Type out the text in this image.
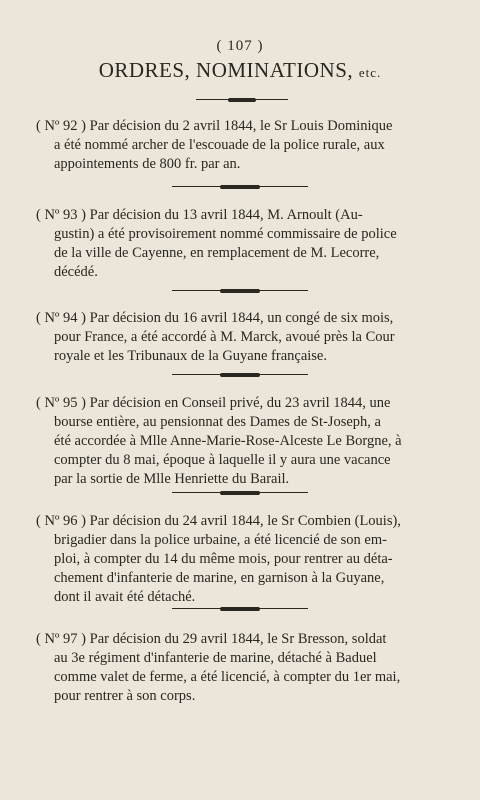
( 107 )
ORDRES, NOMINATIONS, etc.

( Nº 92 ) Par décision du 2 avril 1844, le Sr Louis Dominique

a été nommé archer de l'escouade de la police rurale, aux

appointements de 800 fr. par an.

( Nº 93 ) Par décision du 13 avril 1844, M. Arnoult (Au-

gustin) a été provisoirement nommé commissaire de police

de la ville de Cayenne, en remplacement de M. Lecorre,

décédé.

( Nº 94 ) Par décision du 16 avril 1844, un congé de six mois,

pour France, a été accordé à M. Marck, avoué près la Cour

royale et les Tribunaux de la Guyane française.

( Nº 95 ) Par décision en Conseil privé, du 23 avril 1844, une

bourse entière, au pensionnat des Dames de St-Joseph, a

été accordée à Mlle Anne-Marie-Rose-Alceste Le Borgne, à

compter du 8 mai, époque à laquelle il y aura une vacance

par la sortie de Mlle Henriette du Barail.

( Nº 96 ) Par décision du 24 avril 1844, le Sr Combien (Louis),

brigadier dans la police urbaine, a été licencié de son em-

ploi, à compter du 14 du même mois, pour rentrer au déta-

chement d'infanterie de marine, en garnison à la Guyane,

dont il avait été détaché.

( Nº 97 ) Par décision du 29 avril 1844, le Sr Bresson, soldat

au 3e régiment d'infanterie de marine, détaché à Baduel

comme valet de ferme, a été licencié, à compter du 1er mai,

pour rentrer à son corps.
